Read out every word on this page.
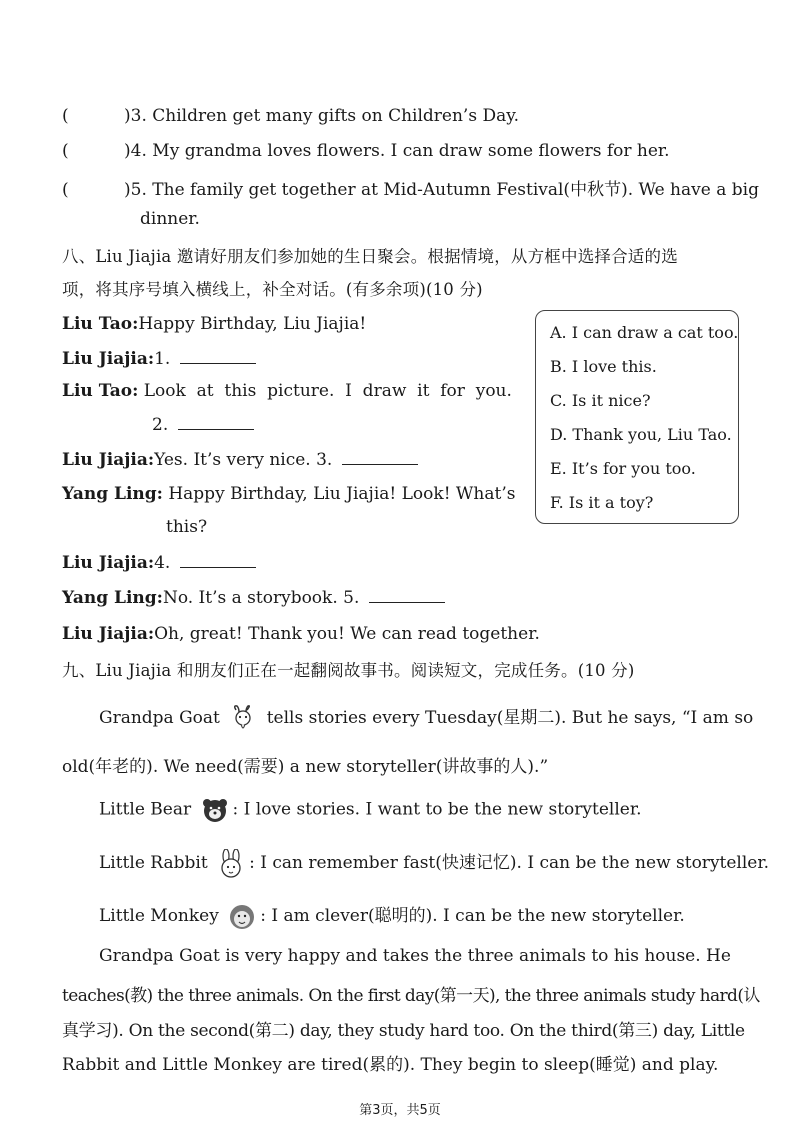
(	)3. Children get many gifts on Children’s Day.
(	)4. My grandma loves flowers. I can draw some flowers for her.
(	)5. The family get together at Mid-Autumn Festival(中秋节). We have a big
dinner.
八、Liu Jiajia 邀请好朋友们参加她的生日聚会。根据情境，从方框中选择合适的选
项，将其序号填入横线上，补全对话。(有多余项)(10 分)
Liu Tao:Happy Birthday, Liu Jiajia!
Liu Jiajia:1.
Liu Tao: Look  at  this  picture.  I  draw  it  for  you.
2.
Liu Jiajia:Yes. It’s very nice. 3.
Yang Ling: Happy Birthday, Liu Jiajia! Look! What’s
this?
Liu Jiajia:4.
Yang Ling:No. It’s a storybook. 5.
Liu Jiajia:Oh, great! Thank you! We can read together.
A. I can draw a cat too.
B. I love this.
C. Is it nice?
D. Thank you, Liu Tao.
E. It’s for you too.
F. Is it a toy?
九、Liu Jiajia 和朋友们正在一起翻阅故事书。阅读短文，完成任务。(10 分)
Grandpa Goat	tells stories every Tuesday(星期二). But he says, “I am so
old(年老的). We need(需要) a new storyteller(讲故事的人).”
Little Bear : I love stories. I want to be the new storyteller.
Little Rabbit : I can remember fast(快速记忆). I can be the new storyteller.
Little Monkey : I am clever(聪明的). I can be the new storyteller.
Grandpa Goat is very happy and takes the three animals to his house. He
teaches(教) the three animals. On the first day(第一天), the three animals study hard(认
真学习). On the second(第二) day, they study hard too. On the third(第三) day, Little
Rabbit and Little Monkey are tired(累的). They begin to sleep(睡觉) and play.
第3页，共5页
